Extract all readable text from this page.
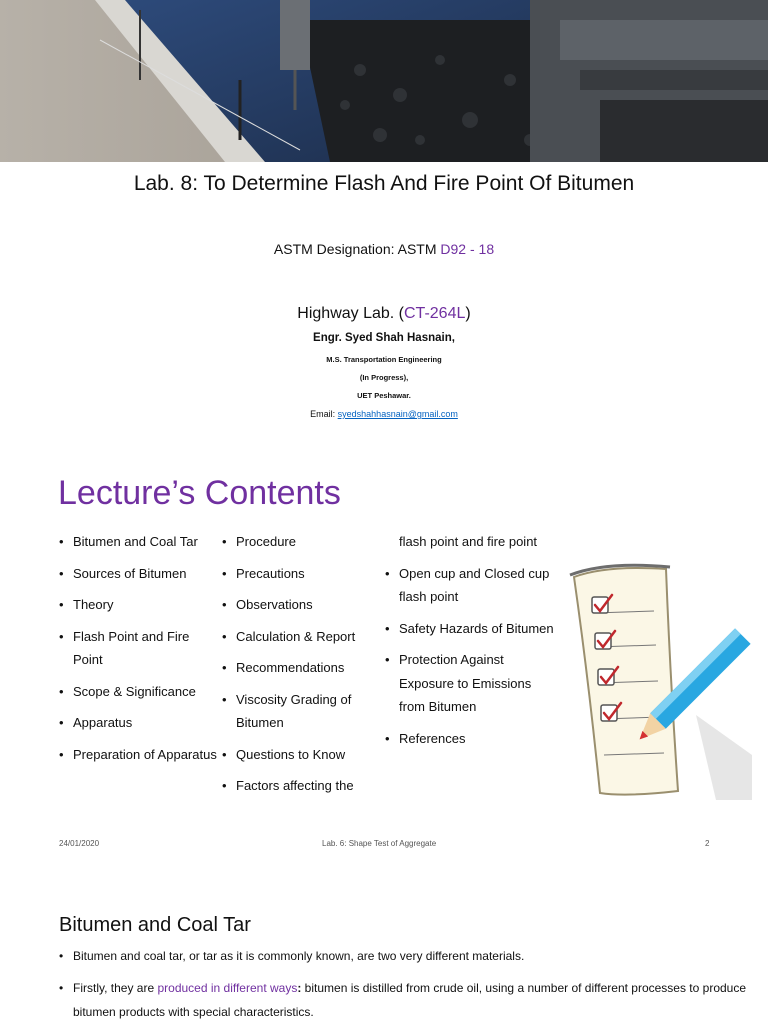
Lab. 8: To Determine Flash And Fire Point Of Bitumen
ASTM Designation: ASTM D92 - 18
Highway Lab. (CT-264L)
Engr. Syed Shah Hasnain,
M.S. Transportation Engineering
(In Progress),
UET Peshawar.
Email: syedshahhasnain@gmail.com
Lecture’s Contents
• Bitumen and Coal Tar
• Sources of Bitumen
• Theory
• Flash Point and Fire Point
• Scope & Significance
• Apparatus
• Preparation of Apparatus
• Procedure
• Precautions
• Observations
• Calculation & Report
• Recommendations
• Viscosity Grading of Bitumen
• Questions to Know
• Factors affecting the
flash point and fire point
• Open cup and Closed cup flash point
• Safety Hazards of Bitumen
• Protection Against Exposure to Emissions from Bitumen
• References
24/01/2020	Lab. 6: Shape Test of Aggregate	2
Bitumen and Coal Tar
• Bitumen and coal tar, or tar as it is commonly known, are two very different materials.
• Firstly, they are produced in different ways: bitumen is distilled from crude oil, using a number of different processes to produce bitumen products with special characteristics.
